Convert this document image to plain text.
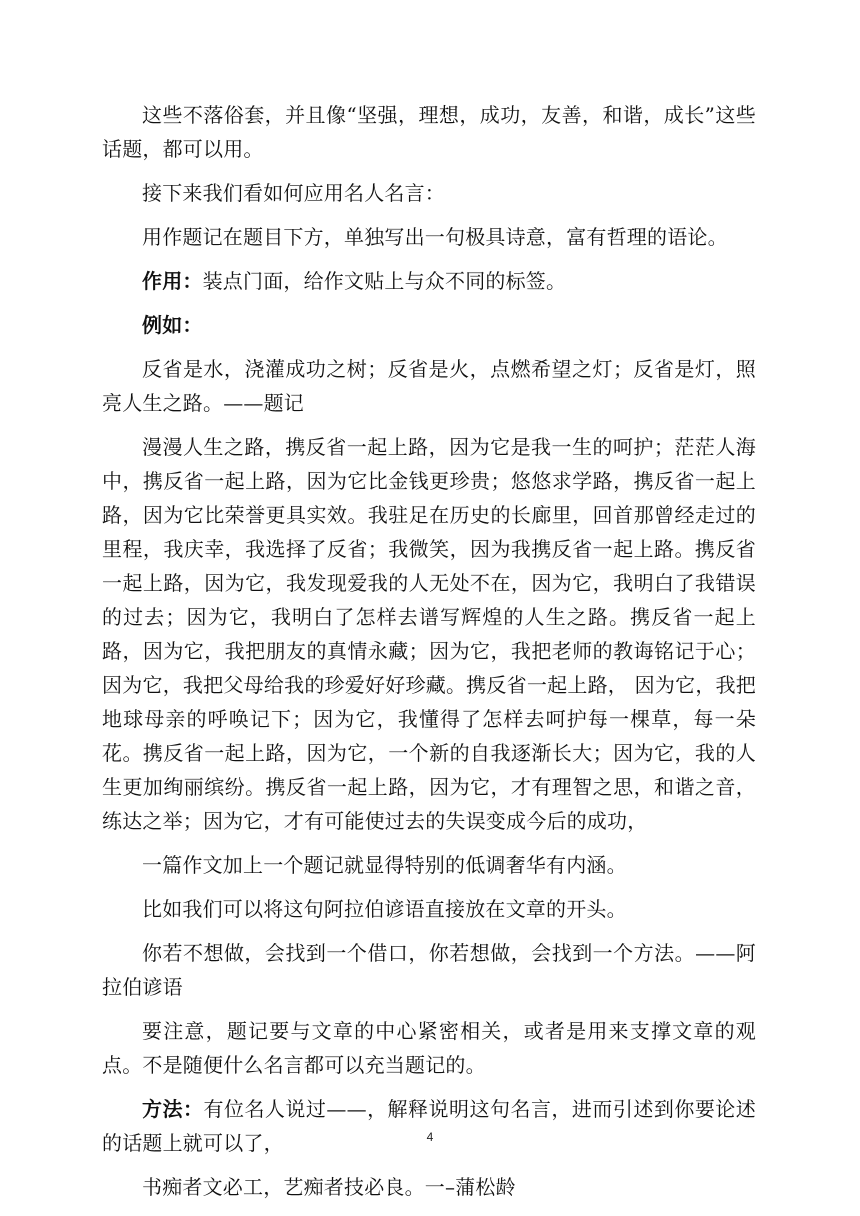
这些不落俗套，并且像“坚强，理想，成功，友善，和谐，成长”这些话题，都可以用。

接下来我们看如何应用名人名言：

用作题记在题目下方，单独写出一句极具诗意，富有哲理的语论。

作用：装点门面，给作文贴上与众不同的标签。

例如：

反省是水，浇灌成功之树；反省是火，点燃希望之灯；反省是灯，照亮人生之路。——题记

漫漫人生之路，携反省一起上路，因为它是我一生的呵护；茫茫人海中，携反省一起上路，因为它比金钱更珍贵；悠悠求学路，携反省一起上路，因为它比荣誉更具实效。我驻足在历史的长廊里，回首那曾经走过的里程，我庆幸，我选择了反省；我微笑，因为我携反省一起上路。携反省一起上路，因为它，我发现爱我的人无处不在，因为它，我明白了我错误的过去；因为它，我明白了怎样去谱写辉煌的人生之路。携反省一起上路，因为它，我把朋友的真情永藏；因为它，我把老师的教诲铭记于心；因为它，我把父母给我的珍爱好好珍藏。携反省一起上路， 因为它，我把地球母亲的呼唤记下；因为它，我懂得了怎样去呵护每一棵草，每一朵花。携反省一起上路，因为它，一个新的自我逐渐长大；因为它，我的人生更加绚丽缤纷。携反省一起上路，因为它，才有理智之思，和谐之音，练达之举；因为它，才有可能使过去的失误变成今后的成功，

一篇作文加上一个题记就显得特别的低调奢华有内涵。

比如我们可以将这句阿拉伯谚语直接放在文章的开头。

你若不想做，会找到一个借口，你若想做，会找到一个方法。——阿拉伯谚语

要注意，题记要与文章的中心紧密相关，或者是用来支撑文章的观点。不是随便什么名言都可以充当题记的。

方法：有位名人说过——，解释说明这句名言，进而引述到你要论述的话题上就可以了，

书痴者文必工，艺痴者技必良。一–蒲松龄

4
